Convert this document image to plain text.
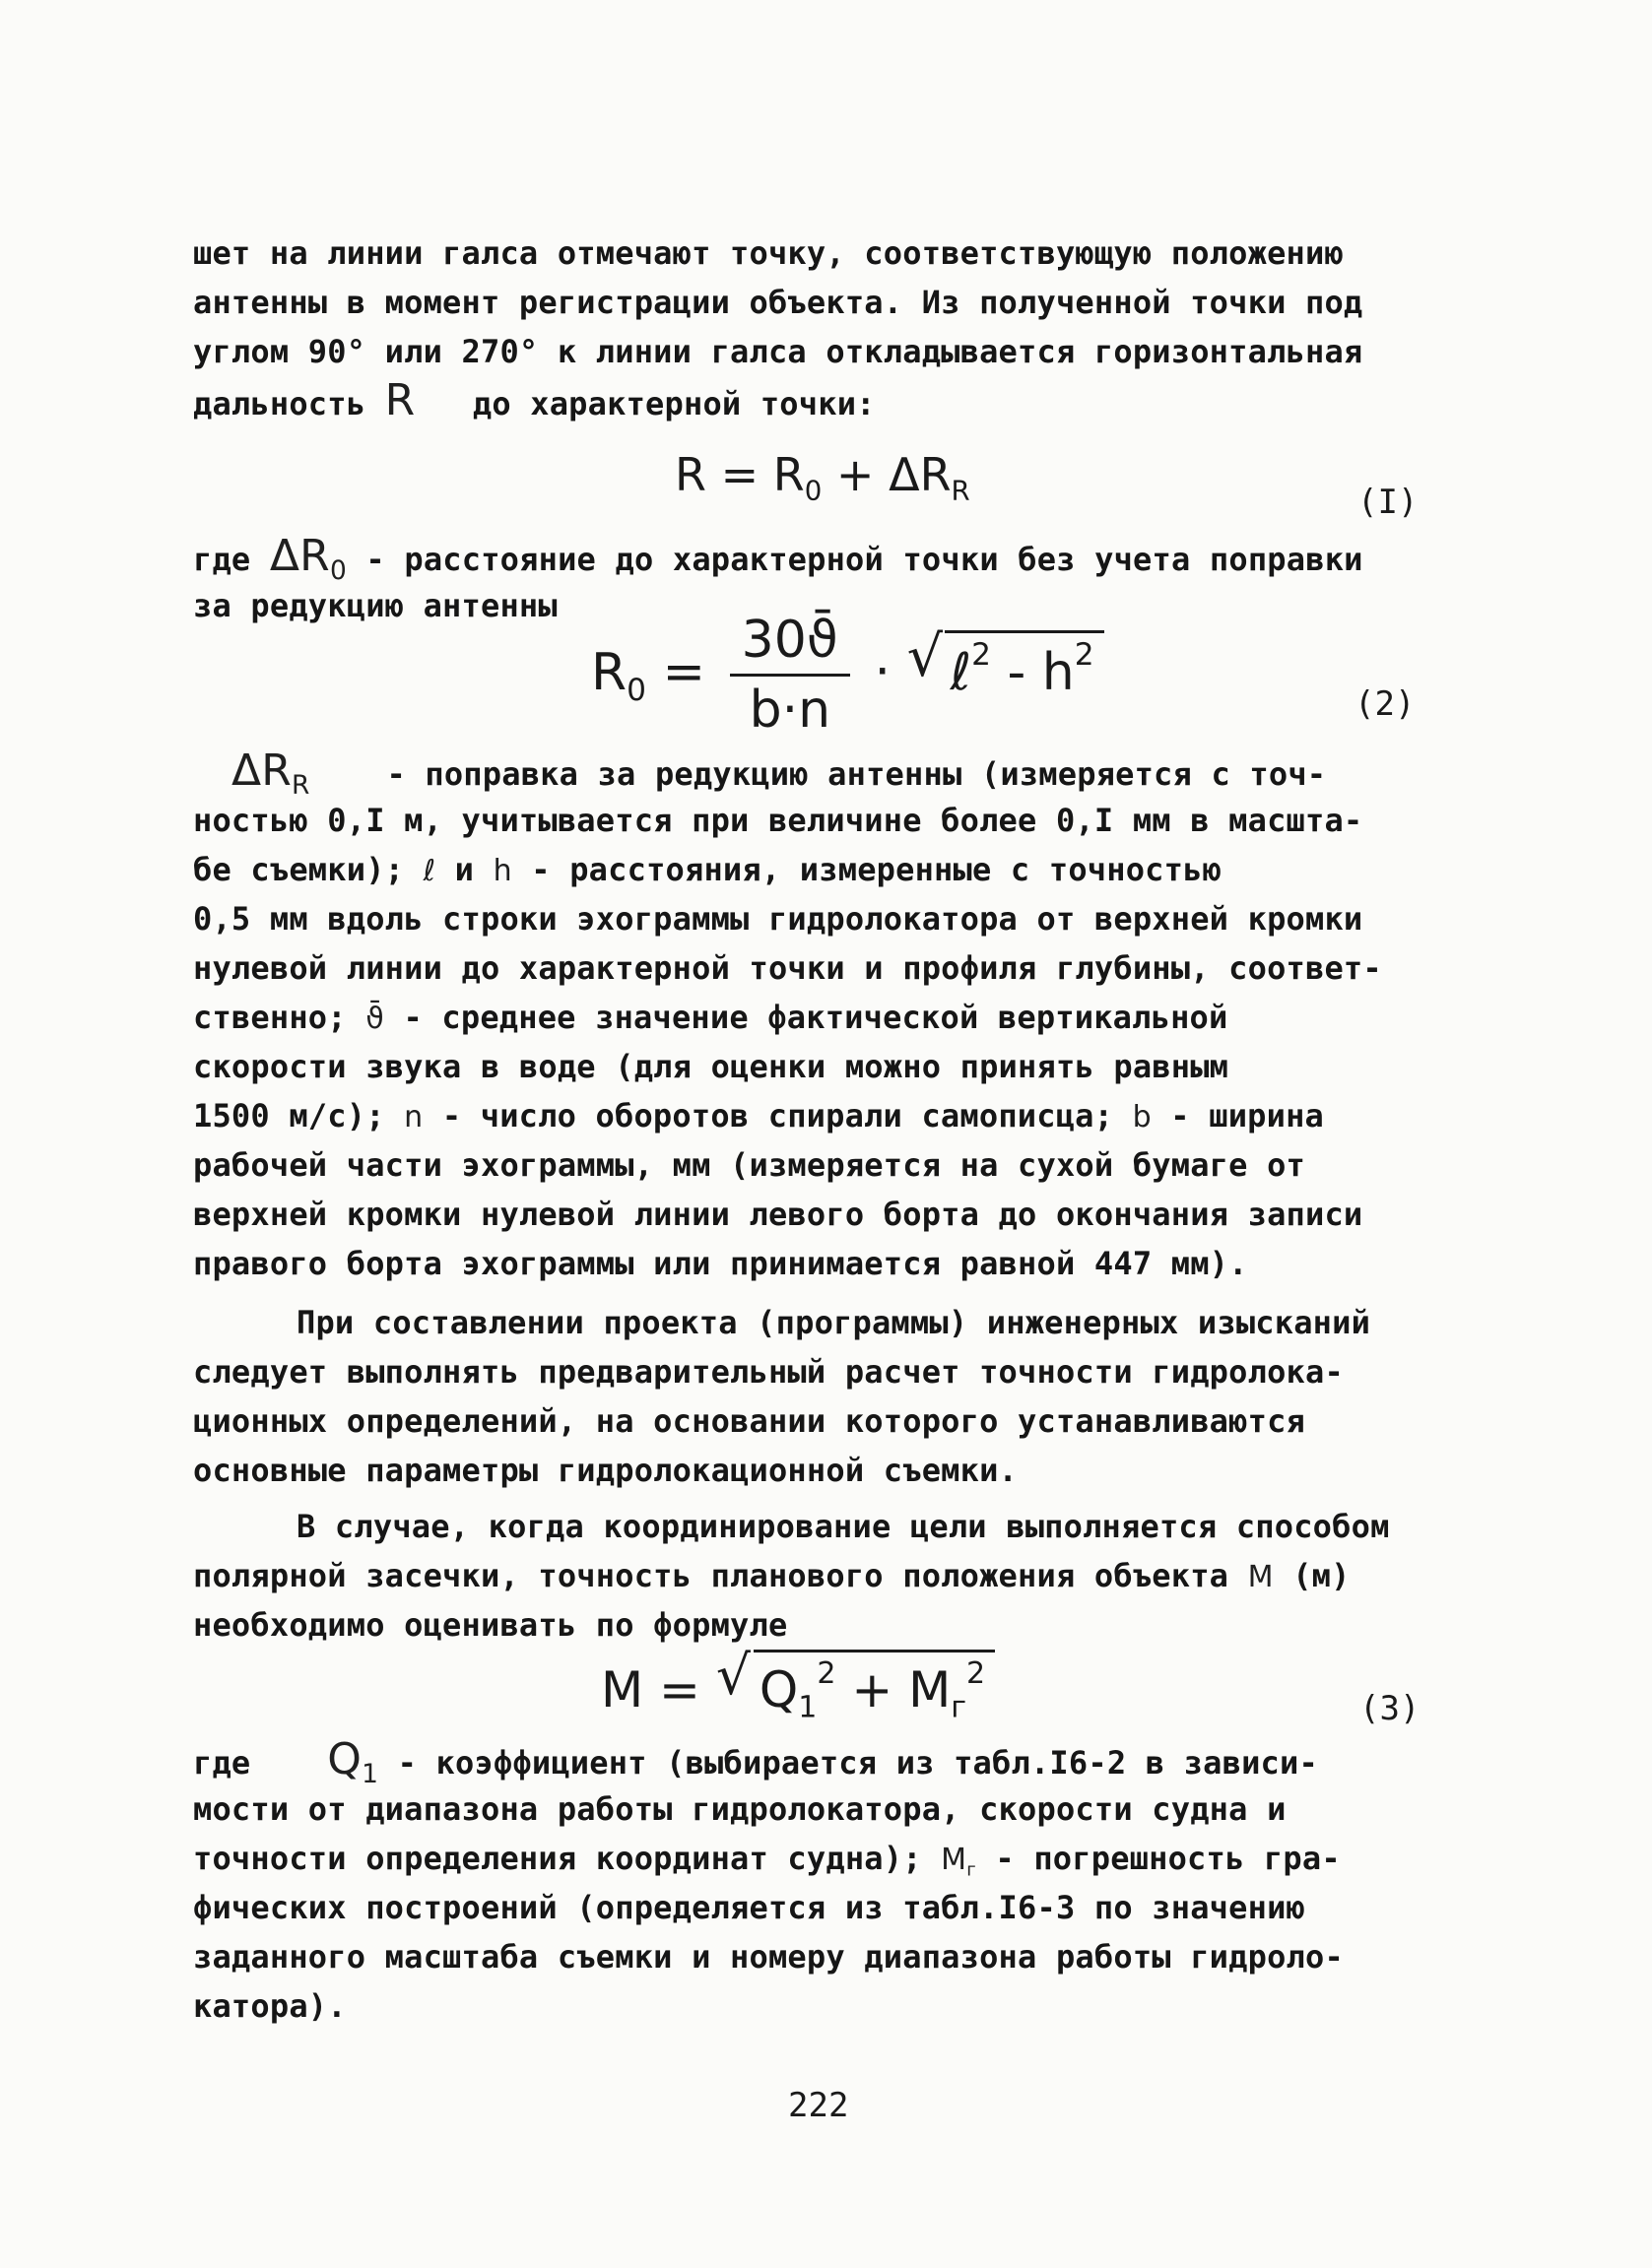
шет на линии галса отмечают точку, соответствующую положению
антенны в момент регистрации объекта. Из полученной точки под
углом 90° или 270° к линии галса откладывается горизонтальная
дальность R до характерной точки:
$R = R_0 + \Delta R_R$	(I)
где $\Delta R_0$ - расстояние до характерной точки без учета поправки
за редукцию антенны
$R_0 = \frac{30ϑ̄}{b\cdot n}$ · √ ℓ$^2$ - $h^2$
(2)
$\Delta R_R$ - поправка за редукцию антенны (измеряется с точ-
ностью 0,I м, учитывается при величине более 0,I мм в масшта-
бе съемки); ℓ и h - расстояния, измеренные с точностью
0,5 мм вдоль строки эхограммы гидролокатора от верхней кромки
нулевой линии до характерной точки и профиля глубины, соответ-
ственно; ϑ̄ - среднее значение фактической вертикальной
скорости звука в воде (для оценки можно принять равным
1500 м/с); n - число оборотов спирали самописца; b - ширина
рабочей части эхограммы, мм (измеряется на сухой бумаге от
верхней кромки нулевой линии левого борта до окончания записи
правого борта эхограммы или принимается равной 447 мм).
При составлении проекта (программы) инженерных изысканий
следует выполнять предварительный расчет точности гидролока-
ционных определений, на основании которого устанавливаются
основные параметры гидролокационной съемки.
В случае, когда координирование цели выполняется способом
полярной засечки, точность планового положения объекта M (м)
необходимо оценивать по формуле
M = √ $Q_1^2 + M_г^2$
(3)
где $Q_1$ - коэффициент (выбирается из табл.I6-2 в зависи-
мости от диапазона работы гидролокатора, скорости судна и
точности определения координат судна); $M_г$ - погрешность гра-
фических построений (определяется из табл.I6-3 по значению
заданного масштаба съемки и номеру диапазона работы гидроло-
катора).
222
